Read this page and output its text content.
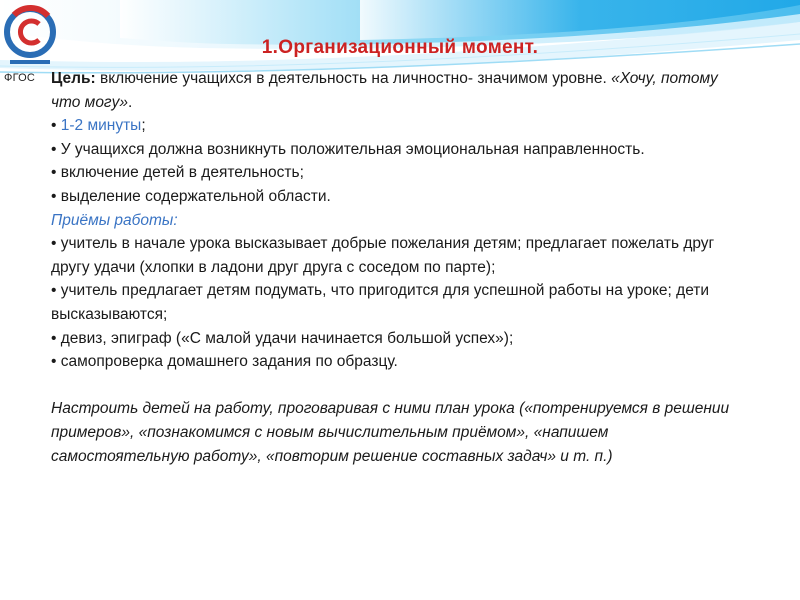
ФГОС
1.Организационный момент.

Цель: включение учащихся в деятельность на личностно- значимом уровне. «Хочу, потому что могу».

• 1-2 минуты;

• У учащихся должна возникнуть положительная эмоциональная направленность.

• включение детей в деятельность;

• выделение содержательной области.

Приёмы работы:

• учитель в начале урока высказывает добрые пожелания детям; предлагает пожелать друг другу удачи (хлопки в ладони друг друга с соседом по парте);

• учитель предлагает детям подумать, что пригодится для успешной работы на уроке; дети высказываются;

• девиз, эпиграф («С малой удачи начинается большой успех»);

• самопроверка домашнего задания по образцу.

Настроить детей на работу, проговаривая с ними план урока («потренируемся в решении примеров», «познакомимся с новым вычислительным приёмом», «напишем самостоятельную работу», «повторим решение составных задач» и т. п.)
